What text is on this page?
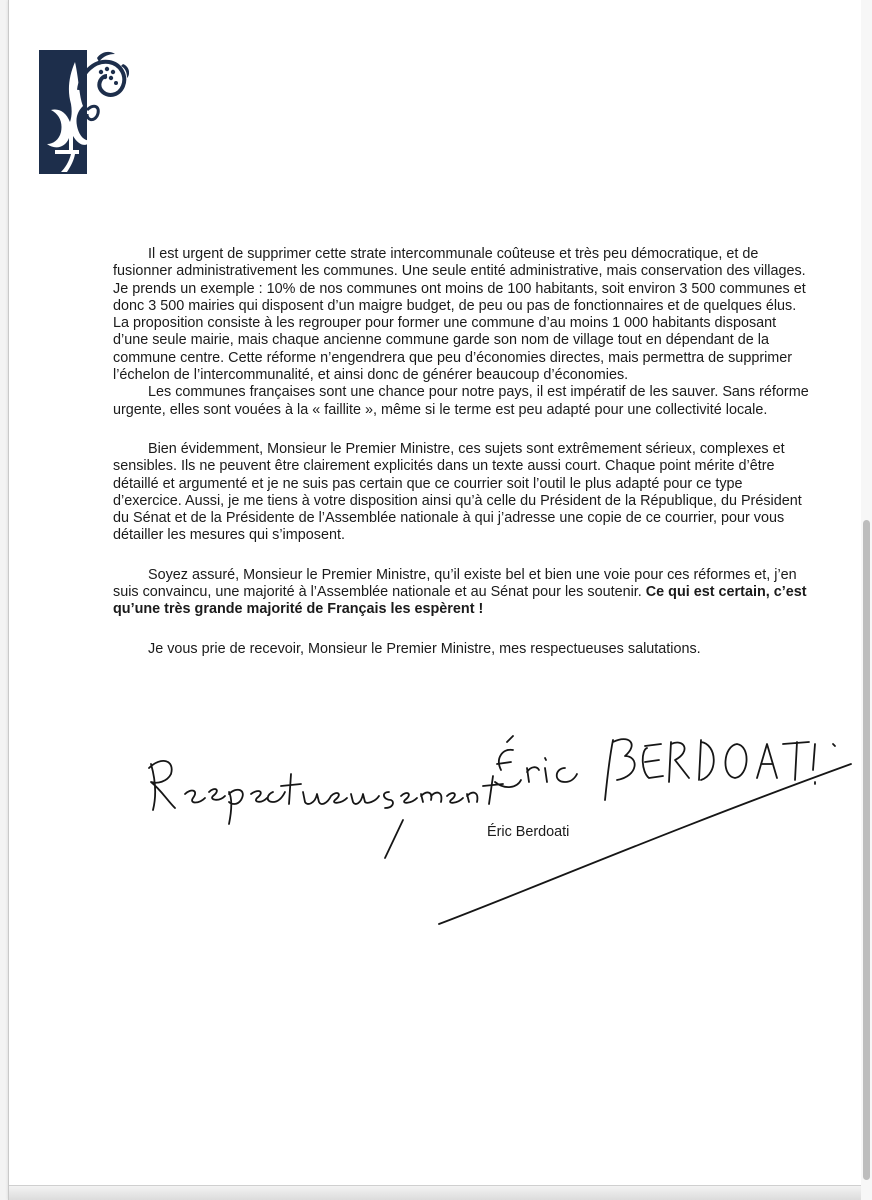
Il est urgent de supprimer cette strate intercommunale coûteuse et très peu démocratique, et de fusionner administrativement les communes. Une seule entité administrative, mais conservation des villages. Je prends un exemple : 10% de nos communes ont moins de 100 habitants, soit environ 3 500 communes et donc 3 500 mairies qui disposent d’un maigre budget, de peu ou pas de fonctionnaires et de quelques élus. La proposition consiste à les regrouper pour former une commune d’au moins 1 000 habitants disposant d’une seule mairie, mais chaque ancienne commune garde son nom de village tout en dépendant de la commune centre. Cette réforme n’engendrera que peu d’économies directes, mais permettra de supprimer l’échelon de l’intercommunalité, et ainsi donc de générer beaucoup d’économies.

Les communes françaises sont une chance pour notre pays, il est impératif de les sauver. Sans réforme urgente, elles sont vouées à la « faillite », même si le terme est peu adapté pour une collectivité locale.

Bien évidemment, Monsieur le Premier Ministre, ces sujets sont extrêmement sérieux, complexes et sensibles. Ils ne peuvent être clairement explicités dans un texte aussi court. Chaque point mérite d’être détaillé et argumenté et je ne suis pas certain que ce courrier soit l’outil le plus adapté pour ce type d’exercice. Aussi, je me tiens à votre disposition ainsi qu’à celle du Président de la République, du Président du Sénat et de la Présidente de l’Assemblée nationale à qui j’adresse une copie de ce courrier, pour vous détailler les mesures qui s’imposent.

Soyez assuré, Monsieur le Premier Ministre, qu’il existe bel et bien une voie pour ces réformes et, j’en suis convaincu, une majorité à l’Assemblée nationale et au Sénat pour les soutenir. Ce qui est certain, c’est qu’une très grande majorité de Français les espèrent !

Je vous prie de recevoir, Monsieur le Premier Ministre, mes respectueuses salutations.

Éric Berdoati
